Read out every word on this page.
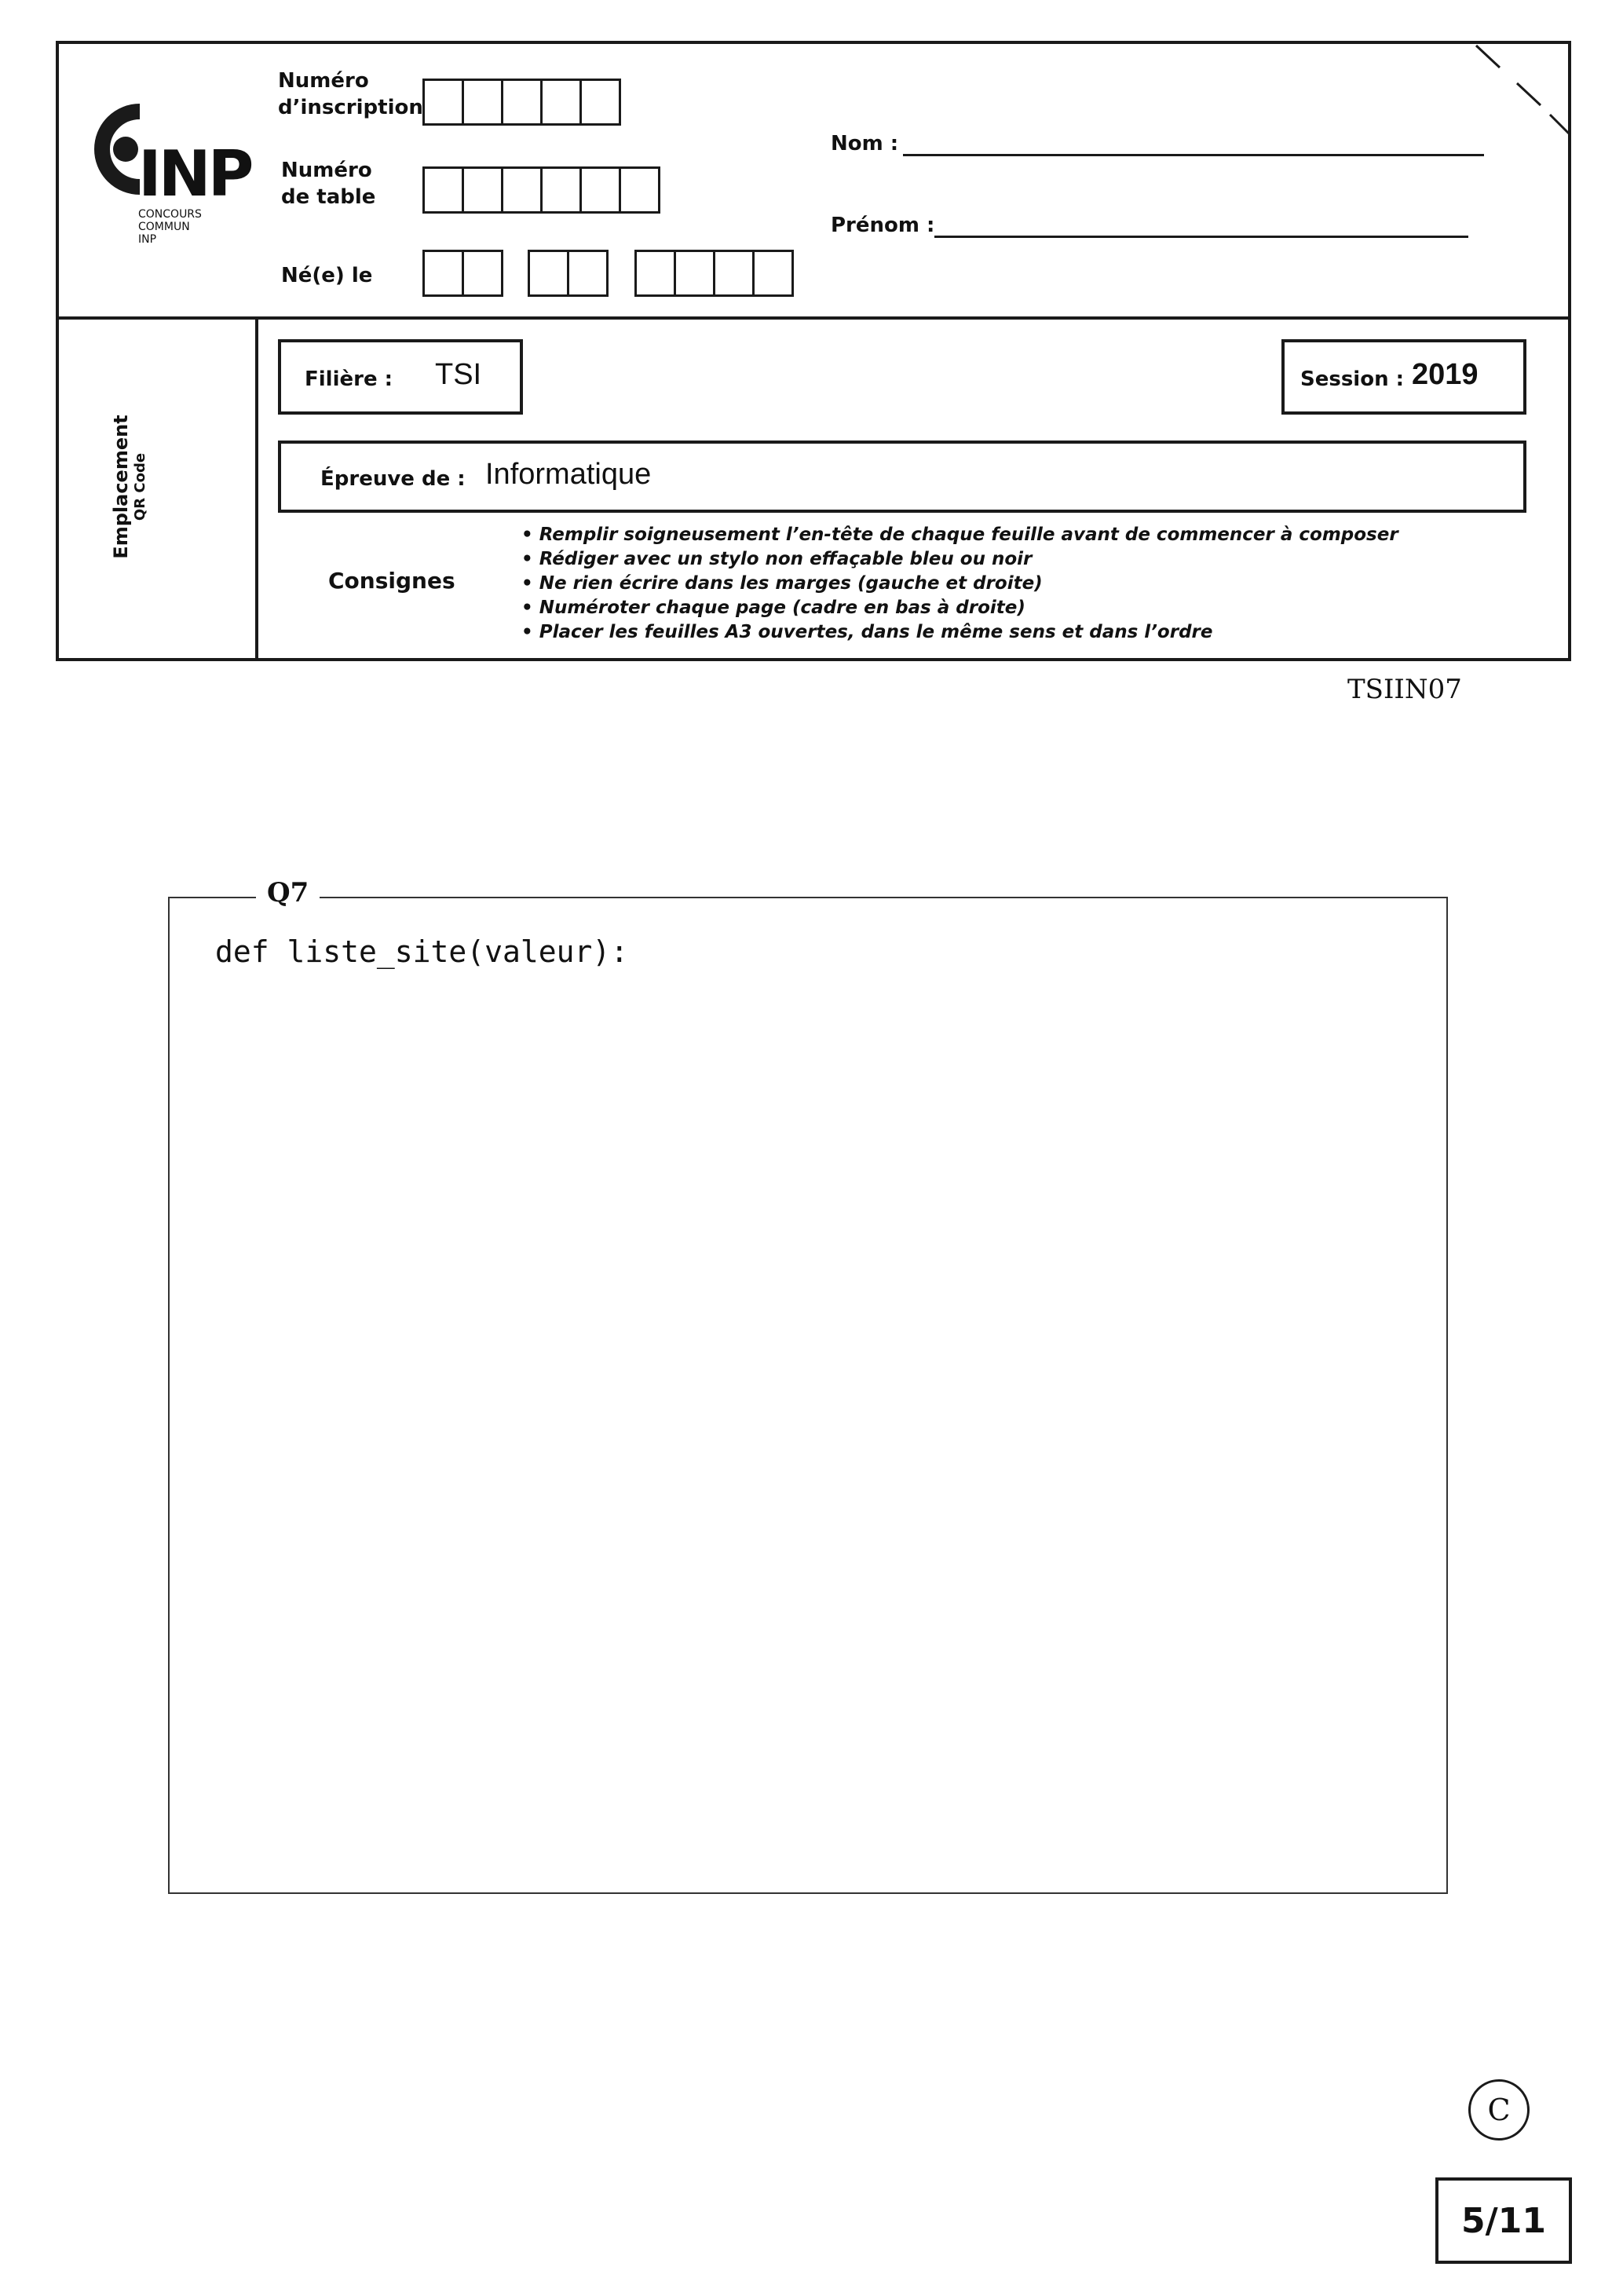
INP
CONCOURS
COMMUN
INP
Numéro
d’inscription
Numéro
de table
Né(e) le
Nom :
Prénom :
Emplacement QR Code
Filière : TSI	Session : 2019
Épreuve de : Informatique
Consignes
• Remplir soigneusement l’en-tête de chaque feuille avant de commencer à composer
• Rédiger avec un stylo non effaçable bleu ou noir
• Ne rien écrire dans les marges (gauche et droite)
• Numéroter chaque page (cadre en bas à droite)
• Placer les feuilles A3 ouvertes, dans le même sens et dans l’ordre
TSIIN07
Q7
def liste_site(valeur):
C
5/11
